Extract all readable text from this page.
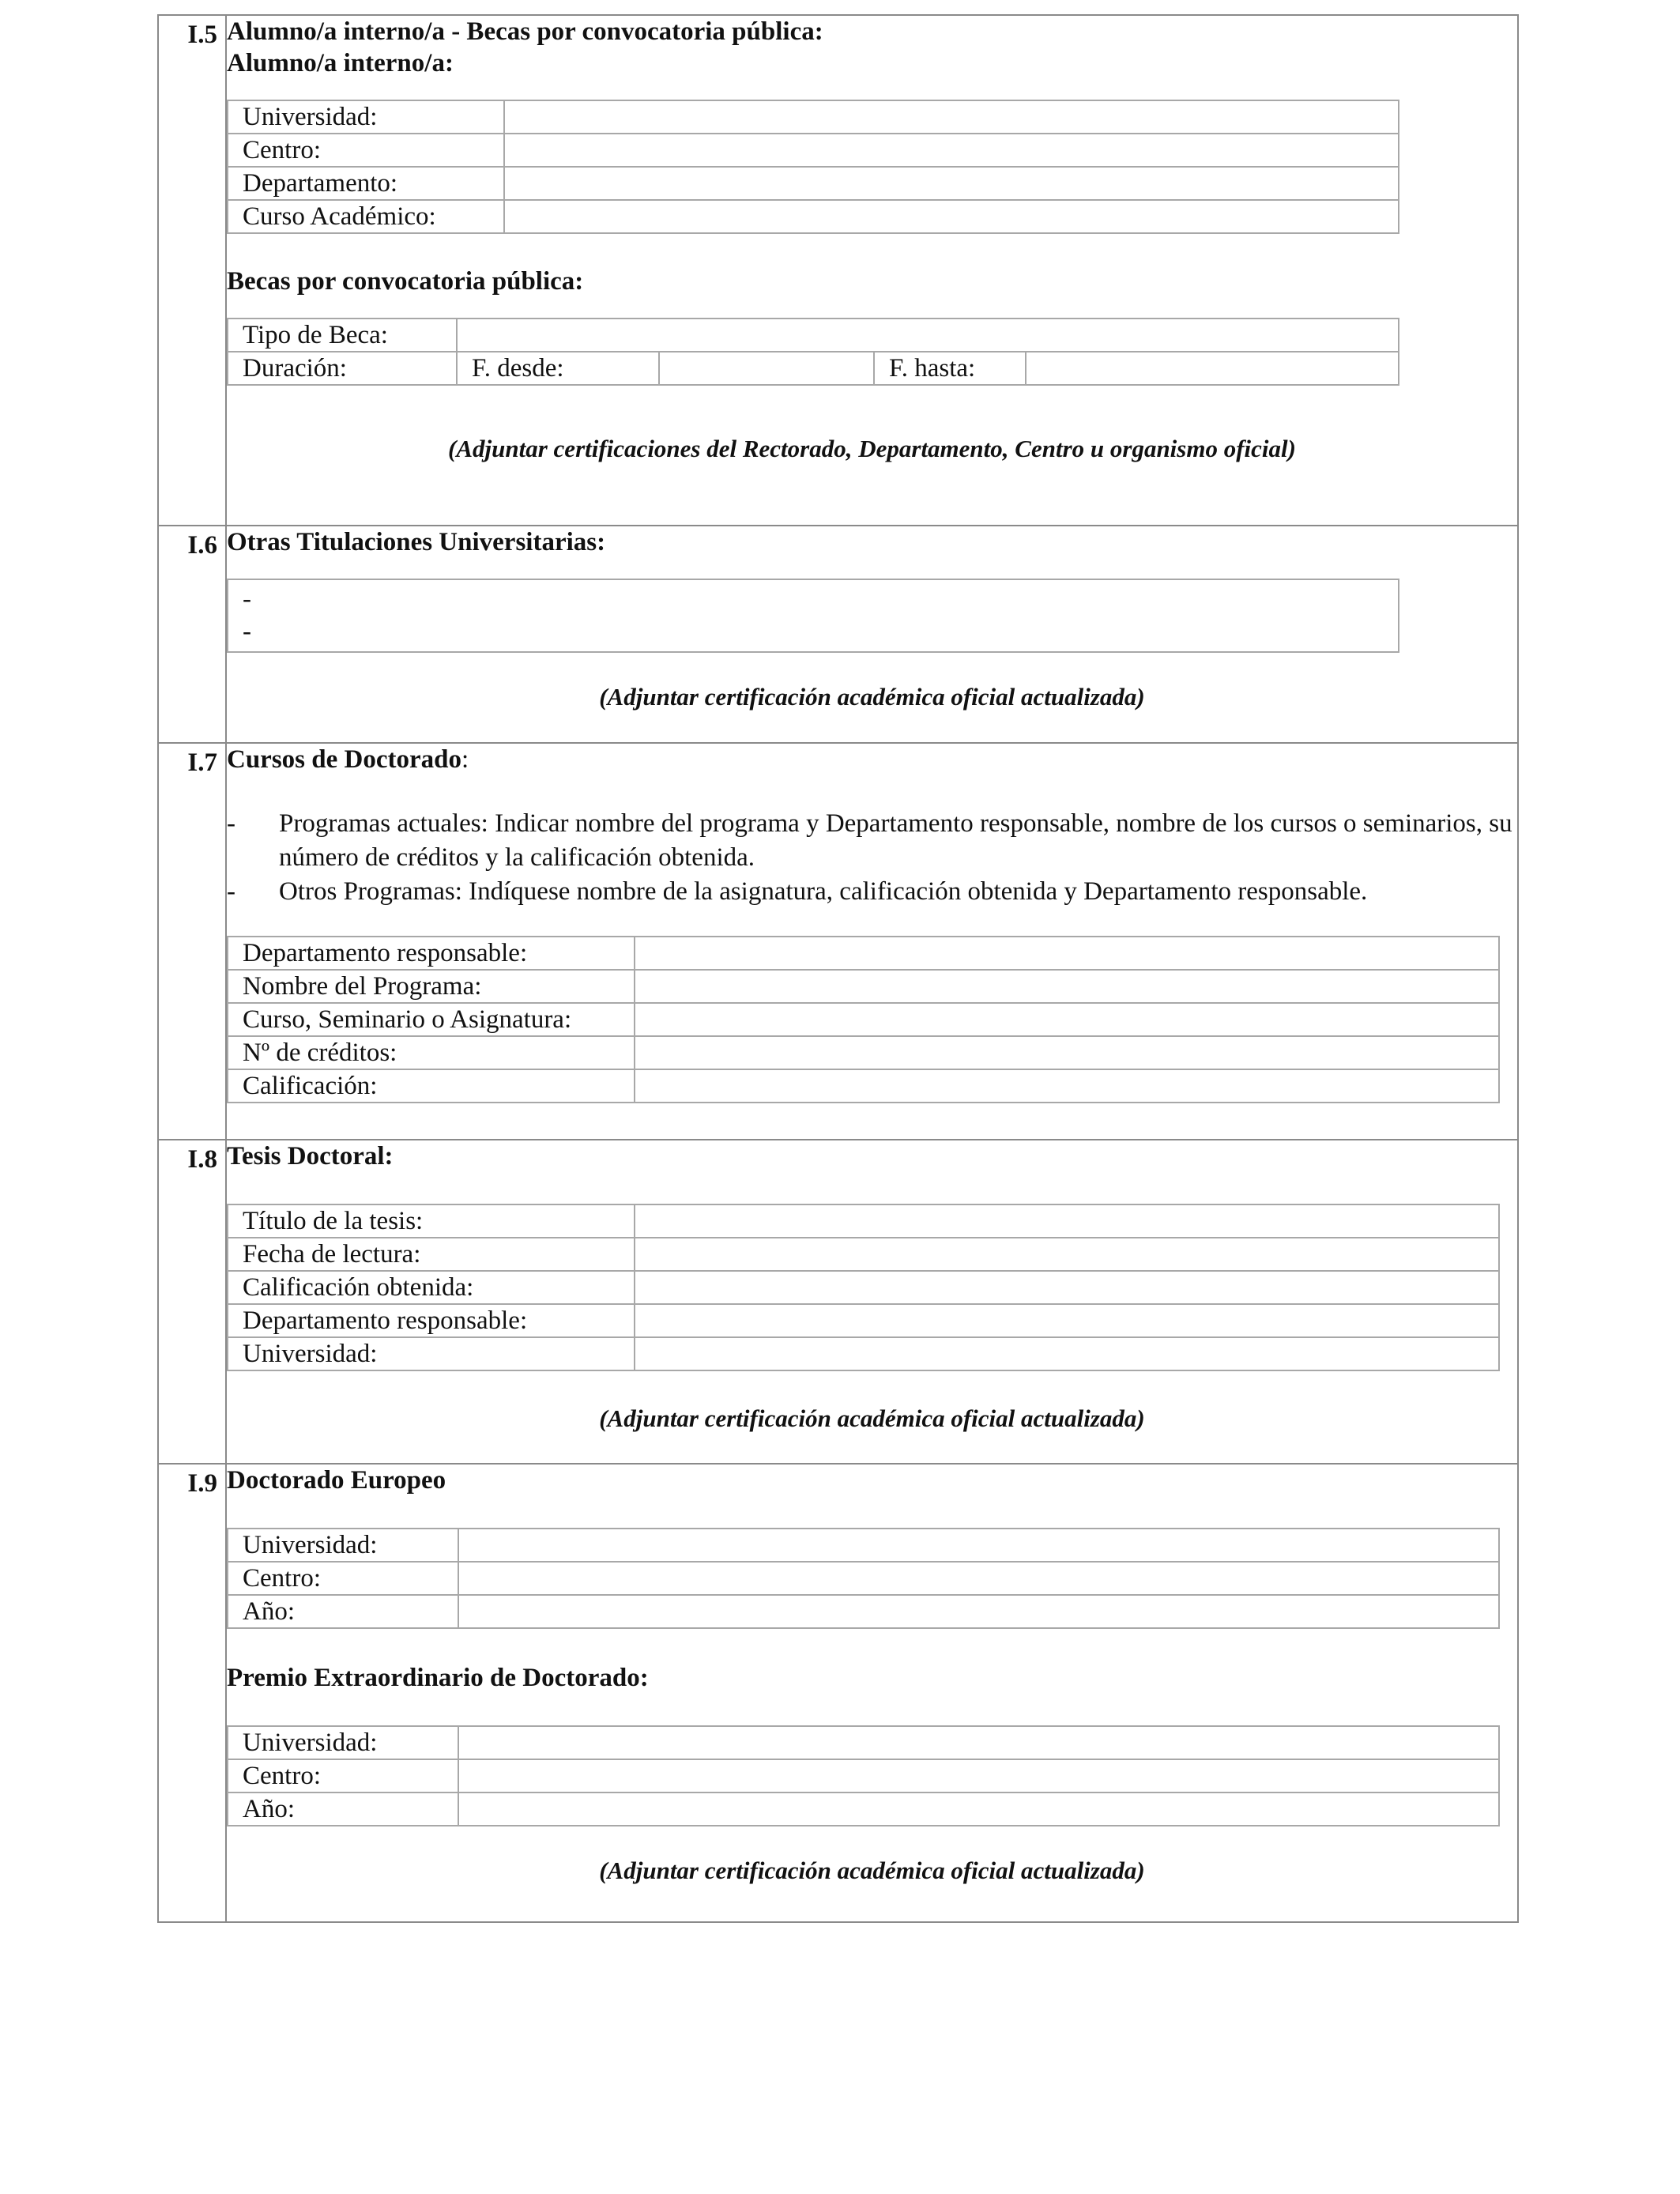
I.5	Alumno/a interno/a - Becas por convocatoria pública:
Alumno/a interno/a:
Universidad:	
Centro:	
Departamento:	
Curso Académico:	
Becas por convocatoria pública:
Tipo de Beca:	
Duración:	F. desde:		F. hasta:	
(Adjuntar certificaciones del Rectorado, Departamento, Centro u organismo oficial)

I.6	Otras Titulaciones Universitarias:
-
-
(Adjuntar certificación académica oficial actualizada)

I.7	Cursos de Doctorado:
-	Programas actuales: Indicar nombre del programa y Departamento responsable, nombre de los cursos o seminarios, su número de créditos y la calificación obtenida.
-	Otros Programas: Indíquese nombre de la asignatura, calificación obtenida y Departamento responsable.
Departamento responsable:	
Nombre del Programa:	
Curso, Seminario o Asignatura:	
Nº de créditos:	
Calificación:	

I.8	Tesis Doctoral:
Título de la tesis:	
Fecha de lectura:	
Calificación obtenida:	
Departamento responsable:	
Universidad:	
(Adjuntar certificación académica oficial actualizada)

I.9	Doctorado Europeo
Universidad:	
Centro:	
Año:	
Premio Extraordinario de Doctorado:
Universidad:	
Centro:	
Año:	
(Adjuntar certificación académica oficial actualizada)
